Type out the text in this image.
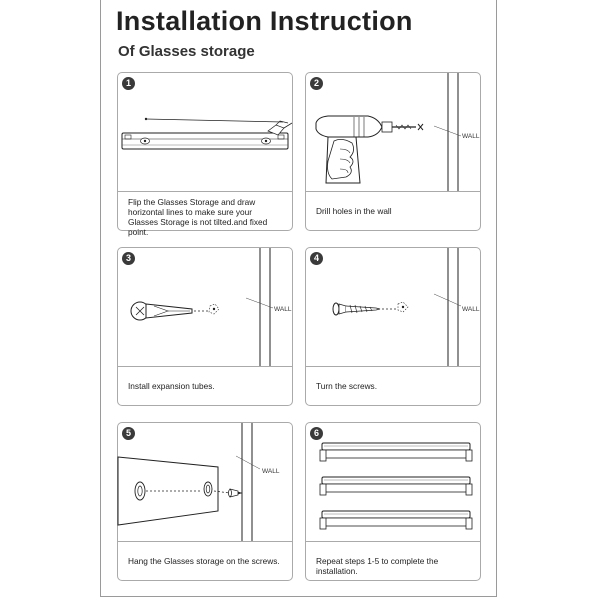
Installation Instruction
Of Glasses storage
1
Flip the Glasses Storage and draw horizontal lines to make sure your Glasses Storage is not tilted.and fixed point.
2
WALL
Drill holes in the wall
3
WALL
Install expansion tubes.
4
WALL
Turn the screws.
5
WALL
Hang the Glasses storage on the screws.
6
Repeat steps 1-5 to complete the installation.
